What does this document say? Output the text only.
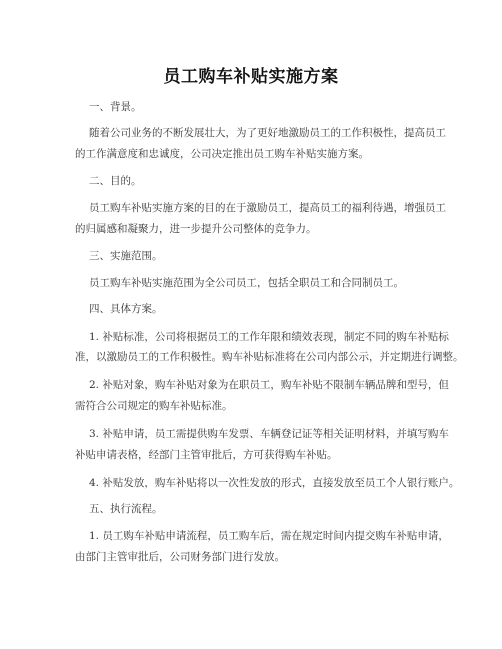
员工购车补贴实施方案
一、背景。
随着公司业务的不断发展壮大，为了更好地激励员工的工作积极性，提高员工
的工作满意度和忠诚度，公司决定推出员工购车补贴实施方案。
二、目的。
员工购车补贴实施方案的目的在于激励员工，提高员工的福利待遇，增强员工
的归属感和凝聚力，进一步提升公司整体的竞争力。
三、实施范围。
员工购车补贴实施范围为全公司员工，包括全职员工和合同制员工。
四、具体方案。
1. 补贴标准，公司将根据员工的工作年限和绩效表现，制定不同的购车补贴标
准，以激励员工的工作积极性。购车补贴标准将在公司内部公示，并定期进行调整。
2. 补贴对象，购车补贴对象为在职员工，购车补贴不限制车辆品牌和型号，但
需符合公司规定的购车补贴标准。
3. 补贴申请，员工需提供购车发票、车辆登记证等相关证明材料，并填写购车
补贴申请表格，经部门主管审批后，方可获得购车补贴。
4. 补贴发放，购车补贴将以一次性发放的形式，直接发放至员工个人银行账户。
五、执行流程。
1. 员工购车补贴申请流程，员工购车后，需在规定时间内提交购车补贴申请，
由部门主管审批后，公司财务部门进行发放。
